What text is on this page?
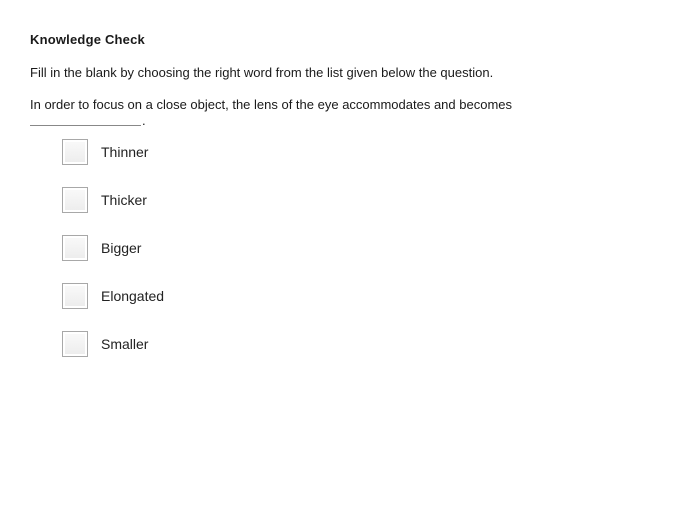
Knowledge Check
Fill in the blank by choosing the right word from the list given below the question.
In order to focus on a close object, the lens of the eye accommodates and becomes
.
Thinner
Thicker
Bigger
Elongated
Smaller
